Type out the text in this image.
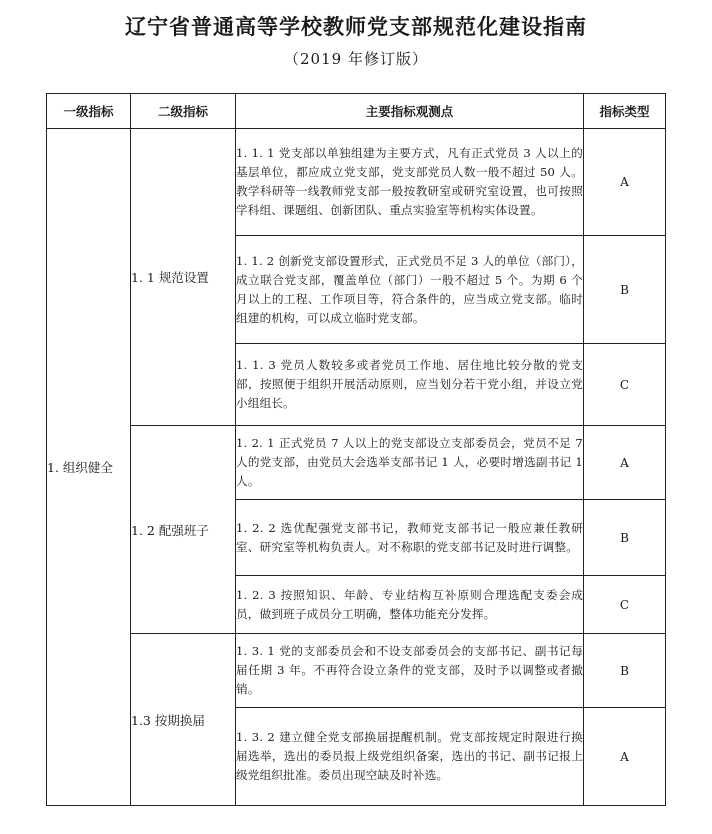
辽宁省普通高等学校教师党支部规范化建设指南
（2019 年修订版）
一级指标	二级指标	主要指标观测点	指标类型
1. 组织健全	1. 1 规范设置	1. 1. 1 党支部以单独组建为主要方式，凡有正式党员 3 人以上的基层单位，都应成立党支部，党支部党员人数一般不超过 50 人。教学科研等一线教师党支部一般按教研室或研究室设置，也可按照学科组、课题组、创新团队、重点实验室等机构实体设置。	A
		1. 1. 2 创新党支部设置形式，正式党员不足 3 人的单位（部门），成立联合党支部，覆盖单位（部门）一般不超过 5 个。为期 6 个月以上的工程、工作项目等，符合条件的，应当成立党支部。临时组建的机构，可以成立临时党支部。	B
		1. 1. 3 党员人数较多或者党员工作地、居住地比较分散的党支部，按照便于组织开展活动原则，应当划分若干党小组，并设立党小组组长。	C
	1. 2 配强班子	1. 2. 1 正式党员 7 人以上的党支部设立支部委员会，党员不足 7 人的党支部，由党员大会选举支部书记 1 人，必要时增选副书记 1 人。	A
		1. 2. 2 选优配强党支部书记，教师党支部书记一般应兼任教研室、研究室等机构负责人。对不称职的党支部书记及时进行调整。	B
		1. 2. 3 按照知识、年龄、专业结构互补原则合理选配支委会成员，做到班子成员分工明确，整体功能充分发挥。	C
	1.3 按期换届	1. 3. 1 党的支部委员会和不设支部委员会的支部书记、副书记每届任期 3 年。不再符合设立条件的党支部，及时予以调整或者撤销。	B
		1. 3. 2 建立健全党支部换届提醒机制。党支部按规定时限进行换届选举，选出的委员报上级党组织备案，选出的书记、副书记报上级党组织批准。委员出现空缺及时补选。	A
